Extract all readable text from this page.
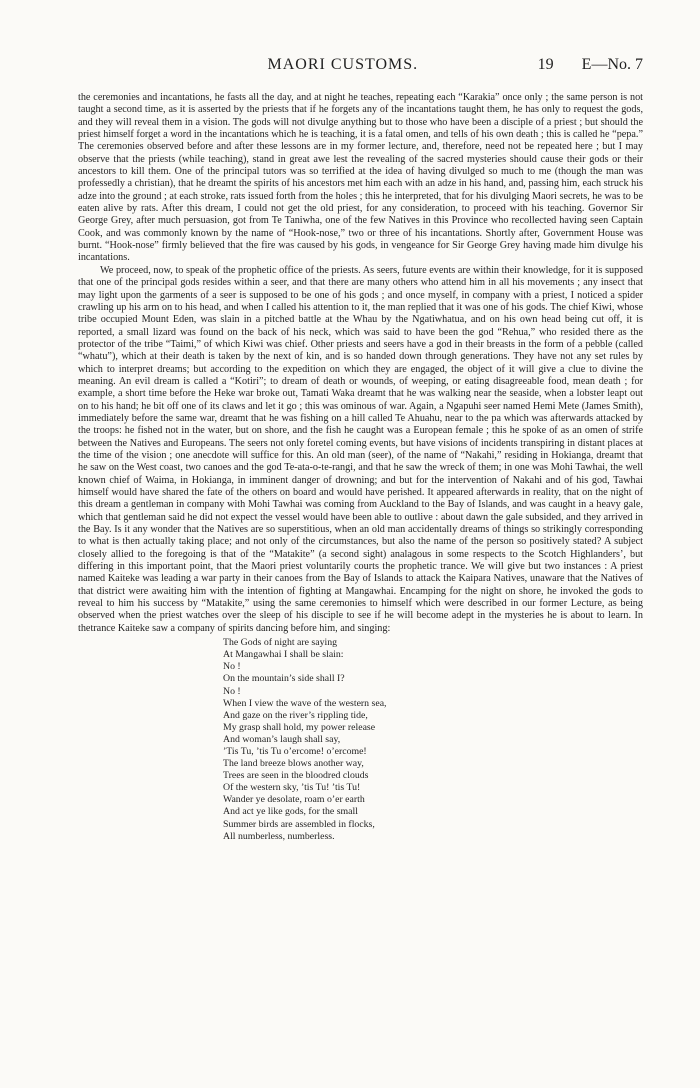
MAORI CUSTOMS.	19 E—No. 7

the ceremonies and incantations, he fasts all the day, and at night he teaches, repeating each “Karakia” once only ; the same person is not taught a second time, as it is asserted by the priests that if he forgets any of the incantations taught them, he has only to request the gods, and they will reveal them in a vision. The gods will not divulge anything but to those who have been a disciple of a priest ; but should the priest himself forget a word in the incantations which he is teaching, it is a fatal omen, and tells of his own death ; this is called he “pepa.” The ceremonies observed before and after these lessons are in my former lecture, and, therefore, need not be repeated here ; but I may observe that the priests (while teaching), stand in great awe lest the revealing of the sacred mysteries should cause their gods or their ancestors to kill them. One of the principal tutors was so terrified at the idea of having divulged so much to me (though the man was professedly a christian), that he dreamt the spirits of his ancestors met him each with an adze in his hand, and, passing him, each struck his adze into the ground ; at each stroke, rats issued forth from the holes ; this he interpreted, that for his divulging Maori secrets, he was to be eaten alive by rats. After this dream, I could not get the old priest, for any consideration, to proceed with his teaching. Governor Sir George Grey, after much persuasion, got from Te Taniwha, one of the few Natives in this Province who recollected having seen Captain Cook, and was commonly known by the name of “Hook-nose,” two or three of his incantations. Shortly after, Government House was burnt. “Hook-nose” firmly believed that the fire was caused by his gods, in vengeance for Sir George Grey having made him divulge his incantations.

We proceed, now, to speak of the prophetic office of the priests. As seers, future events are within their knowledge, for it is supposed that one of the principal gods resides within a seer, and that there are many others who attend him in all his movements ; any insect that may light upon the garments of a seer is supposed to be one of his gods ; and once myself, in company with a priest, I noticed a spider crawling up his arm on to his head, and when I called his attention to it, the man replied that it was one of his gods. The chief Kiwi, whose tribe occupied Mount Eden, was slain in a pitched battle at the Whau by the Ngatiwhatua, and on his own head being cut off, it is reported, a small lizard was found on the back of his neck, which was said to have been the god “Rehua,” who resided there as the protector of the tribe “Taimi,” of which Kiwi was chief. Other priests and seers have a god in their breasts in the form of a pebble (called “whatu”), which at their death is taken by the next of kin, and is so handed down through generations. They have not any set rules by which to interpret dreams; but according to the expedition on which they are engaged, the object of it will give a clue to divine the meaning. An evil dream is called a “Kotiri”; to dream of death or wounds, of weeping, or eating disagreeable food, mean death ; for example, a short time before the Heke war broke out, Tamati Waka dreamt that he was walking near the seaside, when a lobster leapt out on to his hand; he bit off one of its claws and let it go ; this was ominous of war. Again, a Ngapuhi seer named Hemi Mete (James Smith), immediately before the same war, dreamt that he was fishing on a hill called Te Ahuahu, near to the pa which was afterwards attacked by the troops: he fished not in the water, but on shore, and the fish he caught was a European female ; this he spoke of as an omen of strife between the Natives and Europeans. The seers not only foretel coming events, but have visions of incidents transpiring in distant places at the time of the vision ; one anecdote will suffice for this. An old man (seer), of the name of “Nakahi,” residing in Hokianga, dreamt that he saw on the West coast, two canoes and the god Te-ata-o-te-rangi, and that he saw the wreck of them; in one was Mohi Tawhai, the well known chief of Waima, in Hokianga, in imminent danger of drowning; and but for the intervention of Nakahi and of his god, Tawhai himself would have shared the fate of the others on board and would have perished. It appeared afterwards in reality, that on the night of this dream a gentleman in company with Mohi Tawhai was coming from Auckland to the Bay of Islands, and was caught in a heavy gale, which that gentleman said he did not expect the vessel would have been able to outlive : about dawn the gale subsided, and they arrived in the Bay. Is it any wonder that the Natives are so superstitious, when an old man accidentally dreams of things so strikingly corresponding to what is then actually taking place; and not only of the circumstances, but also the name of the person so positively stated? A subject closely allied to the foregoing is that of the “Matakite” (a second sight) analagous in some respects to the Scotch Highlanders’, but differing in this important point, that the Maori priest voluntarily courts the prophetic trance. We will give but two instances : A priest named Kaiteke was leading a war party in their canoes from the Bay of Islands to attack the Kaipara Natives, unaware that the Natives of that district were awaiting him with the intention of fighting at Mangawhai. Encamping for the night on shore, he invoked the gods to reveal to him his success by “Matakite,” using the same ceremonies to himself which were described in our former Lecture, as being observed when the priest watches over the sleep of his disciple to see if he will become adept in the mysteries he is about to learn. In thetrance Kaiteke saw a company of spirits dancing before him, and singing:

The Gods of night are saying
At Mangawhai I shall be slain:
No !
On the mountain’s side shall I?
No !
When I view the wave of the western sea,
And gaze on the river’s rippling tide,
My grasp shall hold, my power release
And woman’s laugh shall say,
’Tis Tu, ’tis Tu o’ercome! o’ercome!
The land breeze blows another way,
Trees are seen in the bloodred clouds
Of the western sky, ’tis Tu! ’tis Tu!
Wander ye desolate, roam o’er earth
And act ye like gods, for the small
Summer birds are assembled in flocks,
All numberless, numberless.
